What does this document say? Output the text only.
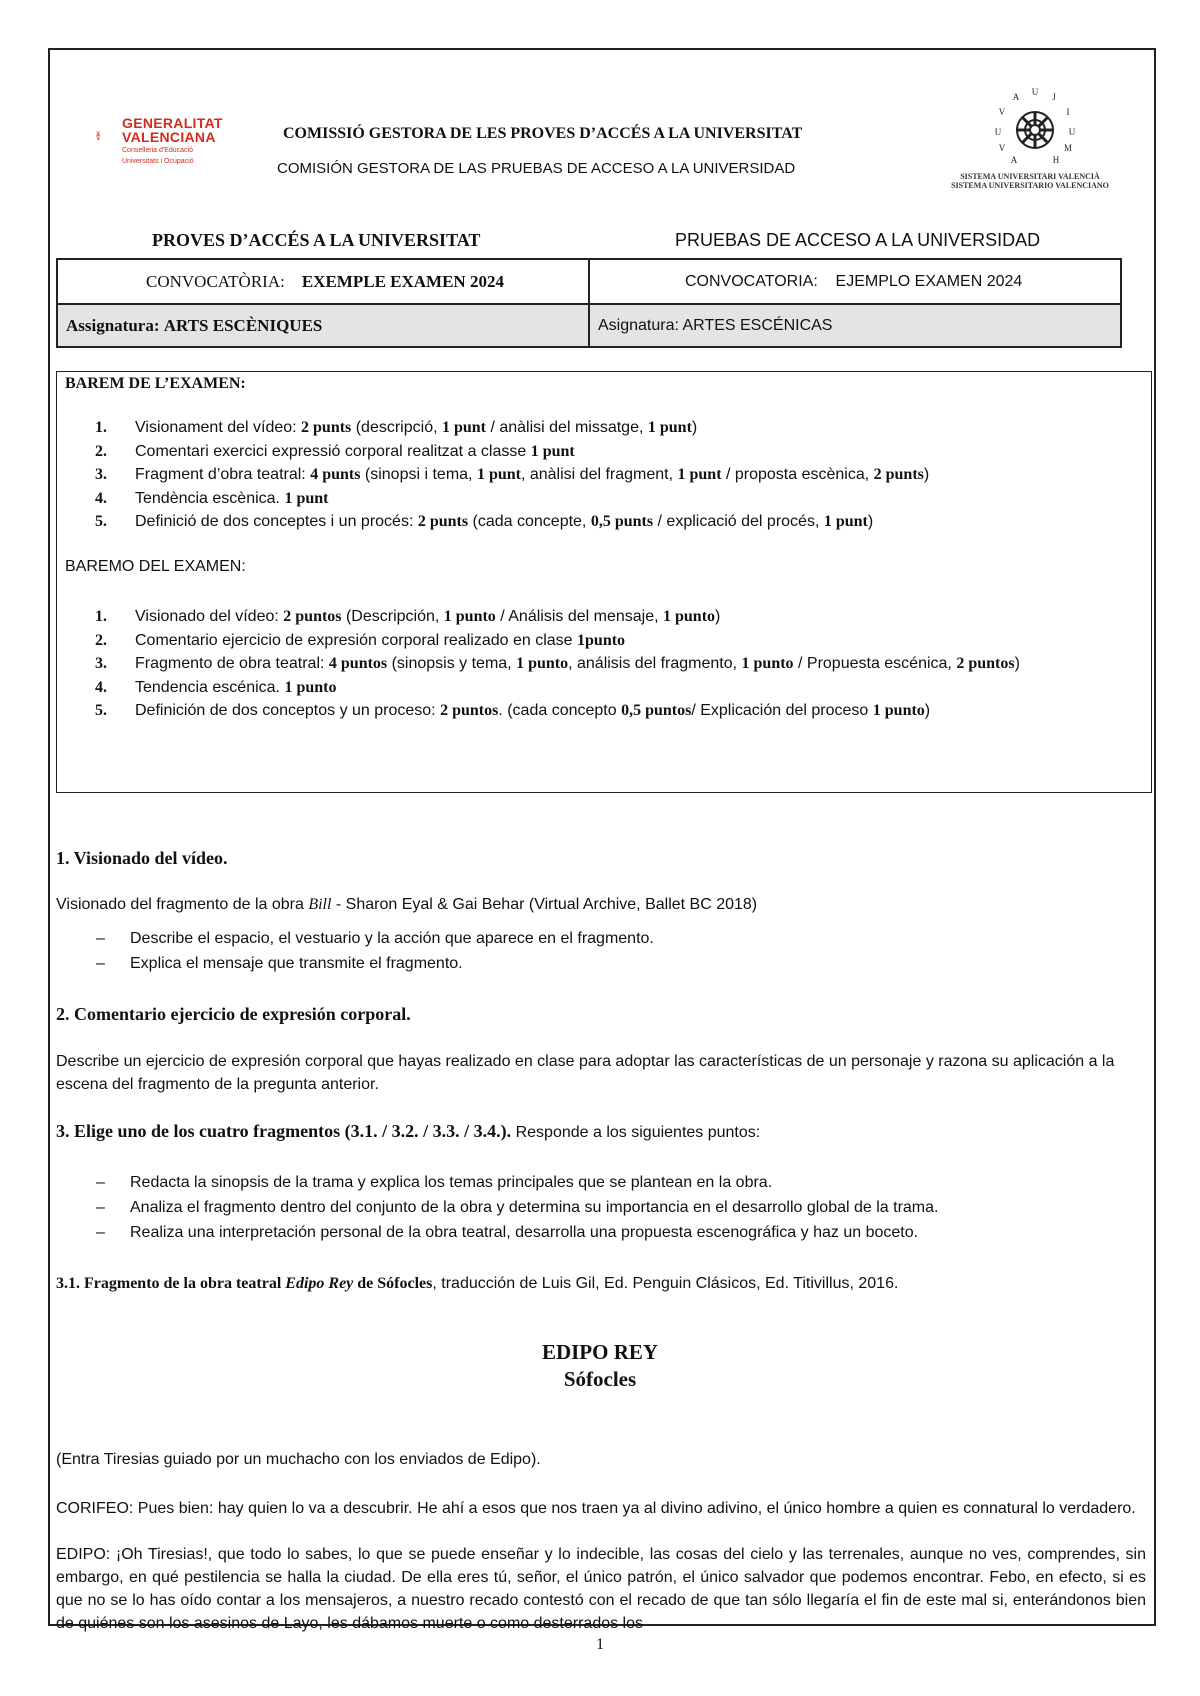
GENERALITAT
VALENCIANA
Conselleria d'Educació
Universitats i Ocupació
COMISSIÓ GESTORA DE LES PROVES D’ACCÉS A LA UNIVERSITAT
COMISIÓN GESTORA DE LAS PRUEBAS DE ACCESO A LA UNIVERSIDAD
U J
I
U
M
H
A
V
U
V
A
SISTEMA UNIVERSITARI VALENCIÀ
SISTEMA UNIVERSITARIO VALENCIANO
PROVES D’ACCÉS A LA UNIVERSITAT	PRUEBAS DE ACCESO A LA UNIVERSIDAD
CONVOCATÒRIA: EXEMPLE EXAMEN 2024	CONVOCATORIA: EJEMPLO EXAMEN 2024
Assignatura: ARTS ESCÈNIQUES	Asignatura: ARTES ESCÉNICAS
BAREM DE L’EXAMEN:
1. Visionament del vídeo: 2 punts (descripció, 1 punt / anàlisi del missatge, 1 punt)
2. Comentari exercici expressió corporal realitzat a classe 1 punt
3. Fragment d’obra teatral: 4 punts (sinopsi i tema, 1 punt, anàlisi del fragment, 1 punt / proposta escènica, 2 punts)
4. Tendència escènica. 1 punt
5. Definició de dos conceptes i un procés: 2 punts (cada concepte, 0,5 punts / explicació del procés, 1 punt)
BAREMO DEL EXAMEN:
1. Visionado del vídeo: 2 puntos (Descripción, 1 punto / Análisis del mensaje, 1 punto)
2. Comentario ejercicio de expresión corporal realizado en clase 1punto
3. Fragmento de obra teatral: 4 puntos (sinopsis y tema, 1 punto, análisis del fragmento, 1 punto / Propuesta escénica, 2 puntos)
4. Tendencia escénica. 1 punto
5. Definición de dos conceptos y un proceso: 2 puntos. (cada concepto 0,5 puntos/ Explicación del proceso 1 punto)
1. Visionado del vídeo.
Visionado del fragmento de la obra Bill - Sharon Eyal & Gai Behar (Virtual Archive, Ballet BC 2018)
– Describe el espacio, el vestuario y la acción que aparece en el fragmento.
– Explica el mensaje que transmite el fragmento.
2. Comentario ejercicio de expresión corporal.
Describe un ejercicio de expresión corporal que hayas realizado en clase para adoptar las características de un personaje y razona su aplicación a la escena del fragmento de la pregunta anterior.
3. Elige uno de los cuatro fragmentos (3.1. / 3.2. / 3.3. / 3.4.). Responde a los siguientes puntos:
– Redacta la sinopsis de la trama y explica los temas principales que se plantean en la obra.
– Analiza el fragmento dentro del conjunto de la obra y determina su importancia en el desarrollo global de la trama.
– Realiza una interpretación personal de la obra teatral, desarrolla una propuesta escenográfica y haz un boceto.
3.1. Fragmento de la obra teatral Edipo Rey de Sófocles, traducción de Luis Gil, Ed. Penguin Clásicos, Ed. Titivillus, 2016.
EDIPO REY
Sófocles
(Entra Tiresias guiado por un muchacho con los enviados de Edipo).
CORIFEO: Pues bien: hay quien lo va a descubrir. He ahí a esos que nos traen ya al divino adivino, el único hombre a quien es connatural lo verdadero.
EDIPO: ¡Oh Tiresias!, que todo lo sabes, lo que se puede enseñar y lo indecible, las cosas del cielo y las terrenales, aunque no ves, comprendes, sin embargo, en qué pestilencia se halla la ciudad. De ella eres tú, señor, el único patrón, el único salvador que podemos encontrar. Febo, en efecto, si es que no se lo has oído contar a los mensajeros, a nuestro recado contestó con el recado de que tan sólo llegaría el fin de este mal si, enterándonos bien de quiénes son los asesinos de Layo, les dábamos muerte o como desterrados los
1
